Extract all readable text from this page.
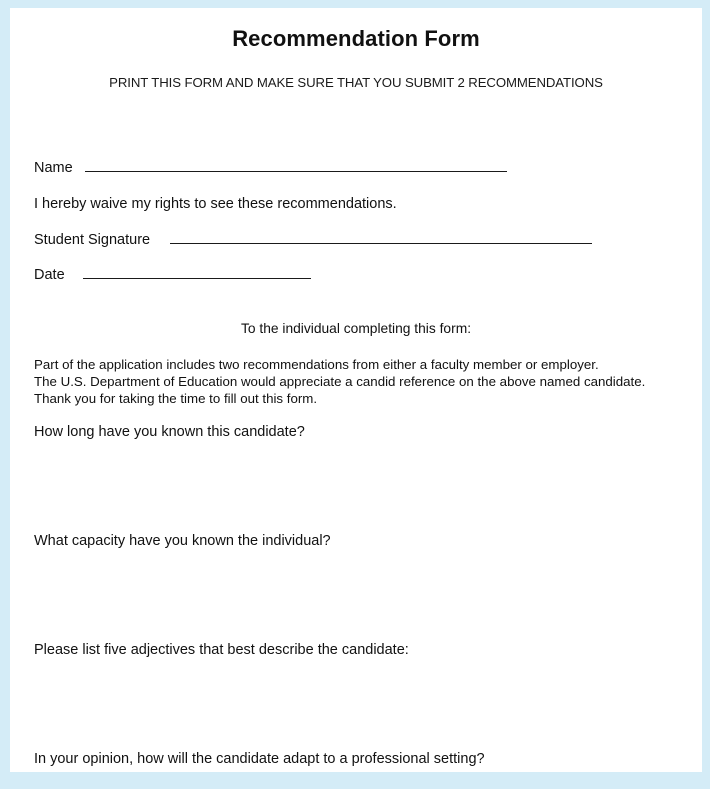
Recommendation Form
PRINT THIS FORM AND MAKE SURE THAT YOU SUBMIT 2 RECOMMENDATIONS
Name
I hereby waive my rights to see these recommendations.
Student Signature
Date
To the individual completing this form:
Part of the application includes two recommendations from either a faculty member or employer.
The U.S. Department of Education would appreciate a candid reference on the above named candidate.
Thank you for taking the time to fill out this form.
How long have you known this candidate?
What capacity have you known the individual?
Please list five adjectives that best describe the candidate:
In your opinion, how will the candidate adapt to a professional setting?
